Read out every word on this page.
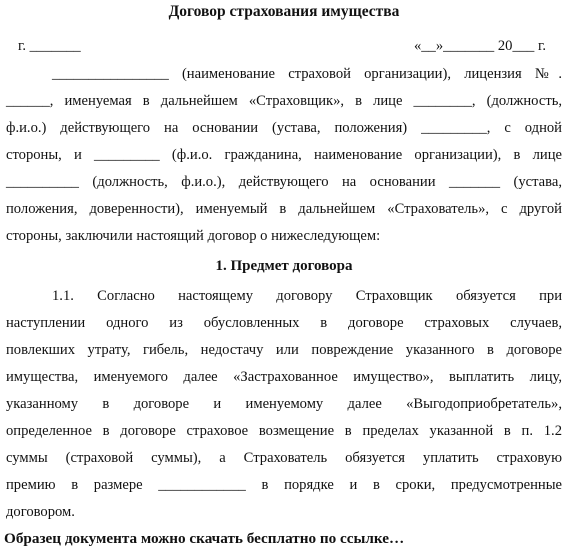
Договор страхования имущества
г. _______	«__»_______ 20___ г.
________________ (наименование страховой организации), лицензия №.
______, именуемая в дальнейшем «Страховщик», в лице ________, (должность,
ф.и.о.) действующего на основании (устава, положения) _________, с одной
стороны, и _________ (ф.и.о. гражданина, наименование организации), в лице
__________ (должность, ф.и.о.), действующего на основании _______ (устава,
положения, доверенности), именуемый в дальнейшем «Страхователь», с другой
стороны, заключили настоящий договор о нижеследующем:
1. Предмет договора
1.1. Согласно настоящему договору Страховщик обязуется при
наступлении одного из обусловленных в договоре страховых случаев,
повлекших утрату, гибель, недостачу или повреждение указанного в договоре
имущества, именуемого далее «Застрахованное имущество», выплатить лицу,
указанному в договоре и именуемому далее «Выгодоприобретатель»,
определенное в договоре страховое возмещение в пределах указанной в п. 1.2
суммы (страховой суммы), а Страхователь обязуется уплатить страховую
премию в размере ____________ в порядке и в сроки, предусмотренные
договором.
Образец документа можно скачать бесплатно по ссылке…
